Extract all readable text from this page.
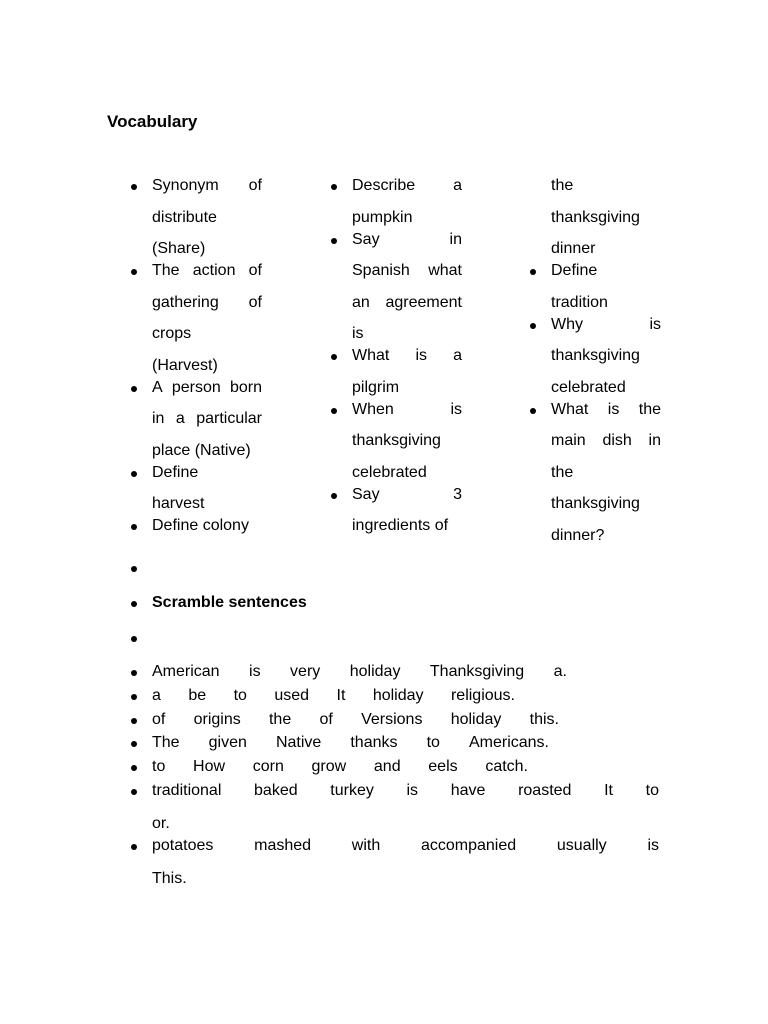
Vocabulary
Synonym of
distribute
(Share)
The action of
gathering of
crops
(Harvest)
A person born
in a particular
place (Native)
Define
harvest
Define colony
Describe a
pumpkin
Say	in
Spanish what
an agreement
is
What is a
pilgrim
When	is
thanksgiving
celebrated
Say	3
ingredients of
the
thanksgiving
dinner
Define
tradition
Why	is
thanksgiving
celebrated
What is the
main dish in
the
thanksgiving
dinner?
Scramble sentences
American is very holiday Thanksgiving a.
a be to used It holiday religious.
of origins the of Versions holiday this.
The given Native thanks to Americans.
to How corn grow and eels catch.
traditional baked turkey is have roasted It to
or.
potatoes	mashed	with	accompanied	usually	is
This.
